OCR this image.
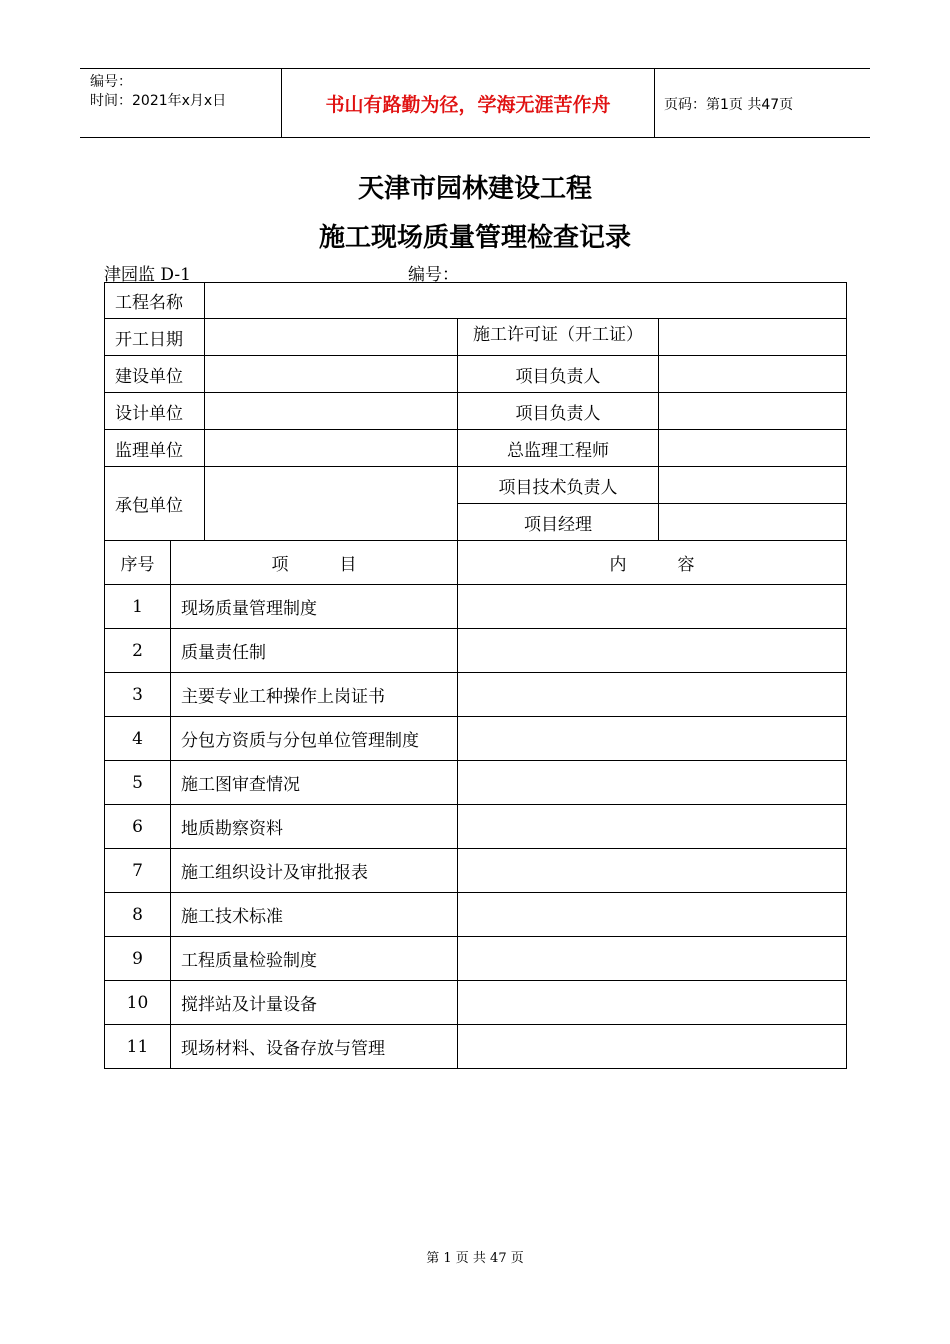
编号：
时间：2021年x月x日	书山有路勤为径，学海无涯苦作舟	页码：第1页 共47页
天津市园林建设工程
施工现场质量管理检查记录
津园监 D-1	编号：
工程名称				
开工日期			施工许可证（开工证）	

建设单位			项目负责人	
设计单位			项目负责人	
监理单位			总监理工程师	
承包单位			项目技术负责人	
			项目经理	
序号	项　　　目		内　　　容	
1	现场质量管理制度			
2	质量责任制			
3	主要专业工种操作上岗证书			
4	分包方资质与分包单位管理制度			
5	施工图审查情况			
6	地质勘察资料			
7	施工组织设计及审批报表			
8	施工技术标准			
9	工程质量检验制度			
10	搅拌站及计量设备			
11	现场材料、设备存放与管理			
第 1 页 共 47 页
